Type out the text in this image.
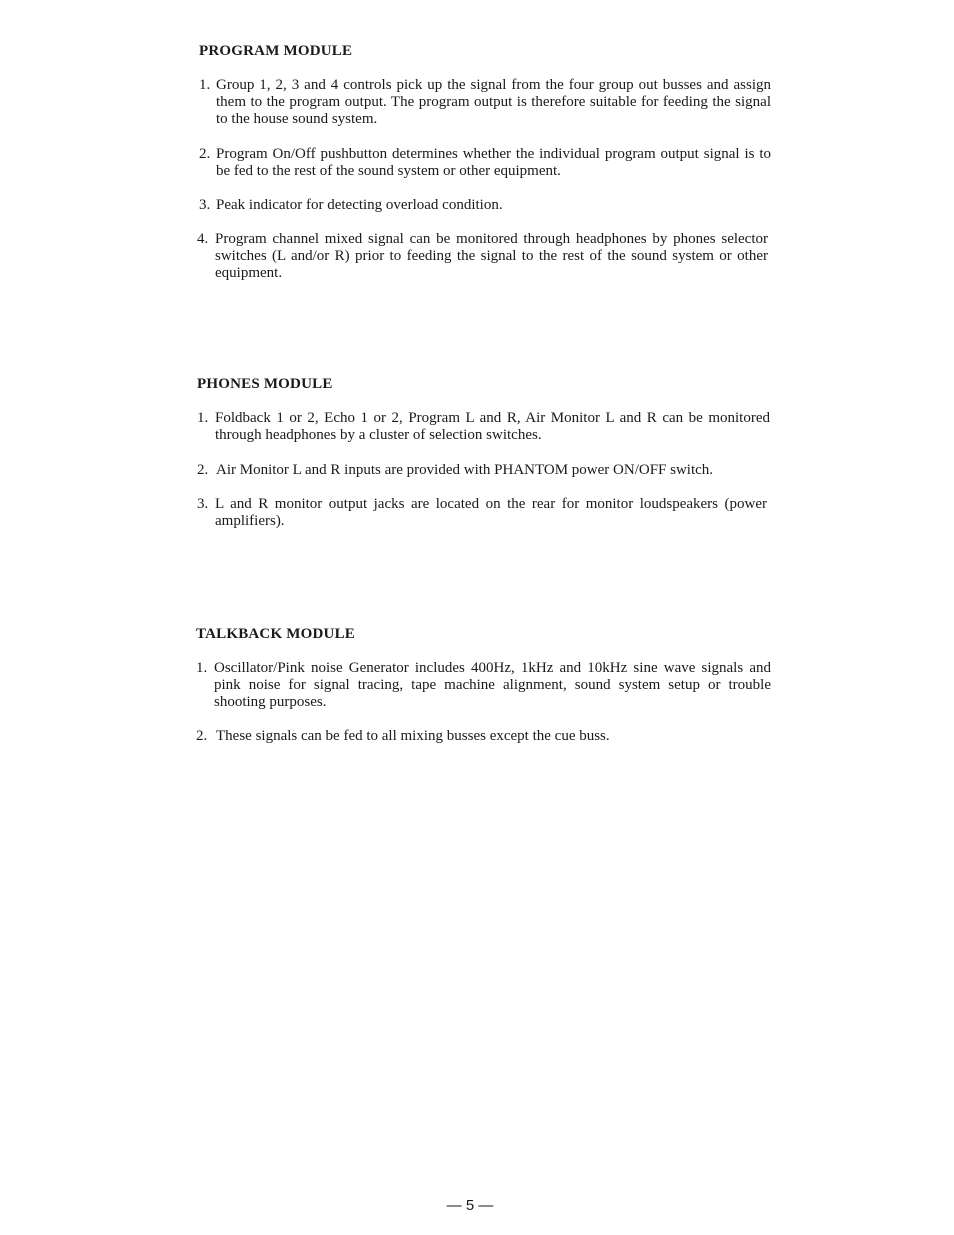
PROGRAM MODULE
1. Group 1, 2, 3 and 4 controls pick up the signal from the four group out busses and assign them to the program output. The program output is therefore suitable for feeding the signal to the house sound system.
2. Program On/Off pushbutton determines whether the individual program output signal is to be fed to the rest of the sound system or other equipment.
3. Peak indicator for detecting overload condition.
4. Program channel mixed signal can be monitored through headphones by phones selector switches (L and/or R) prior to feeding the signal to the rest of the sound system or other equipment.
PHONES MODULE
1. Foldback 1 or 2, Echo 1 or 2, Program L and R, Air Monitor L and R can be monitored through headphones by a cluster of selection switches.
2. Air Monitor L and R inputs are provided with PHANTOM power ON/OFF switch.
3. L and R monitor output jacks are located on the rear for monitor loudspeakers (power amplifiers).
TALKBACK MODULE
1. Oscillator/Pink noise Generator includes 400Hz, 1kHz and 10kHz sine wave signals and pink noise for signal tracing, tape machine alignment, sound system setup or trouble shooting purposes.
2. These signals can be fed to all mixing busses except the cue buss.
— 5 —
